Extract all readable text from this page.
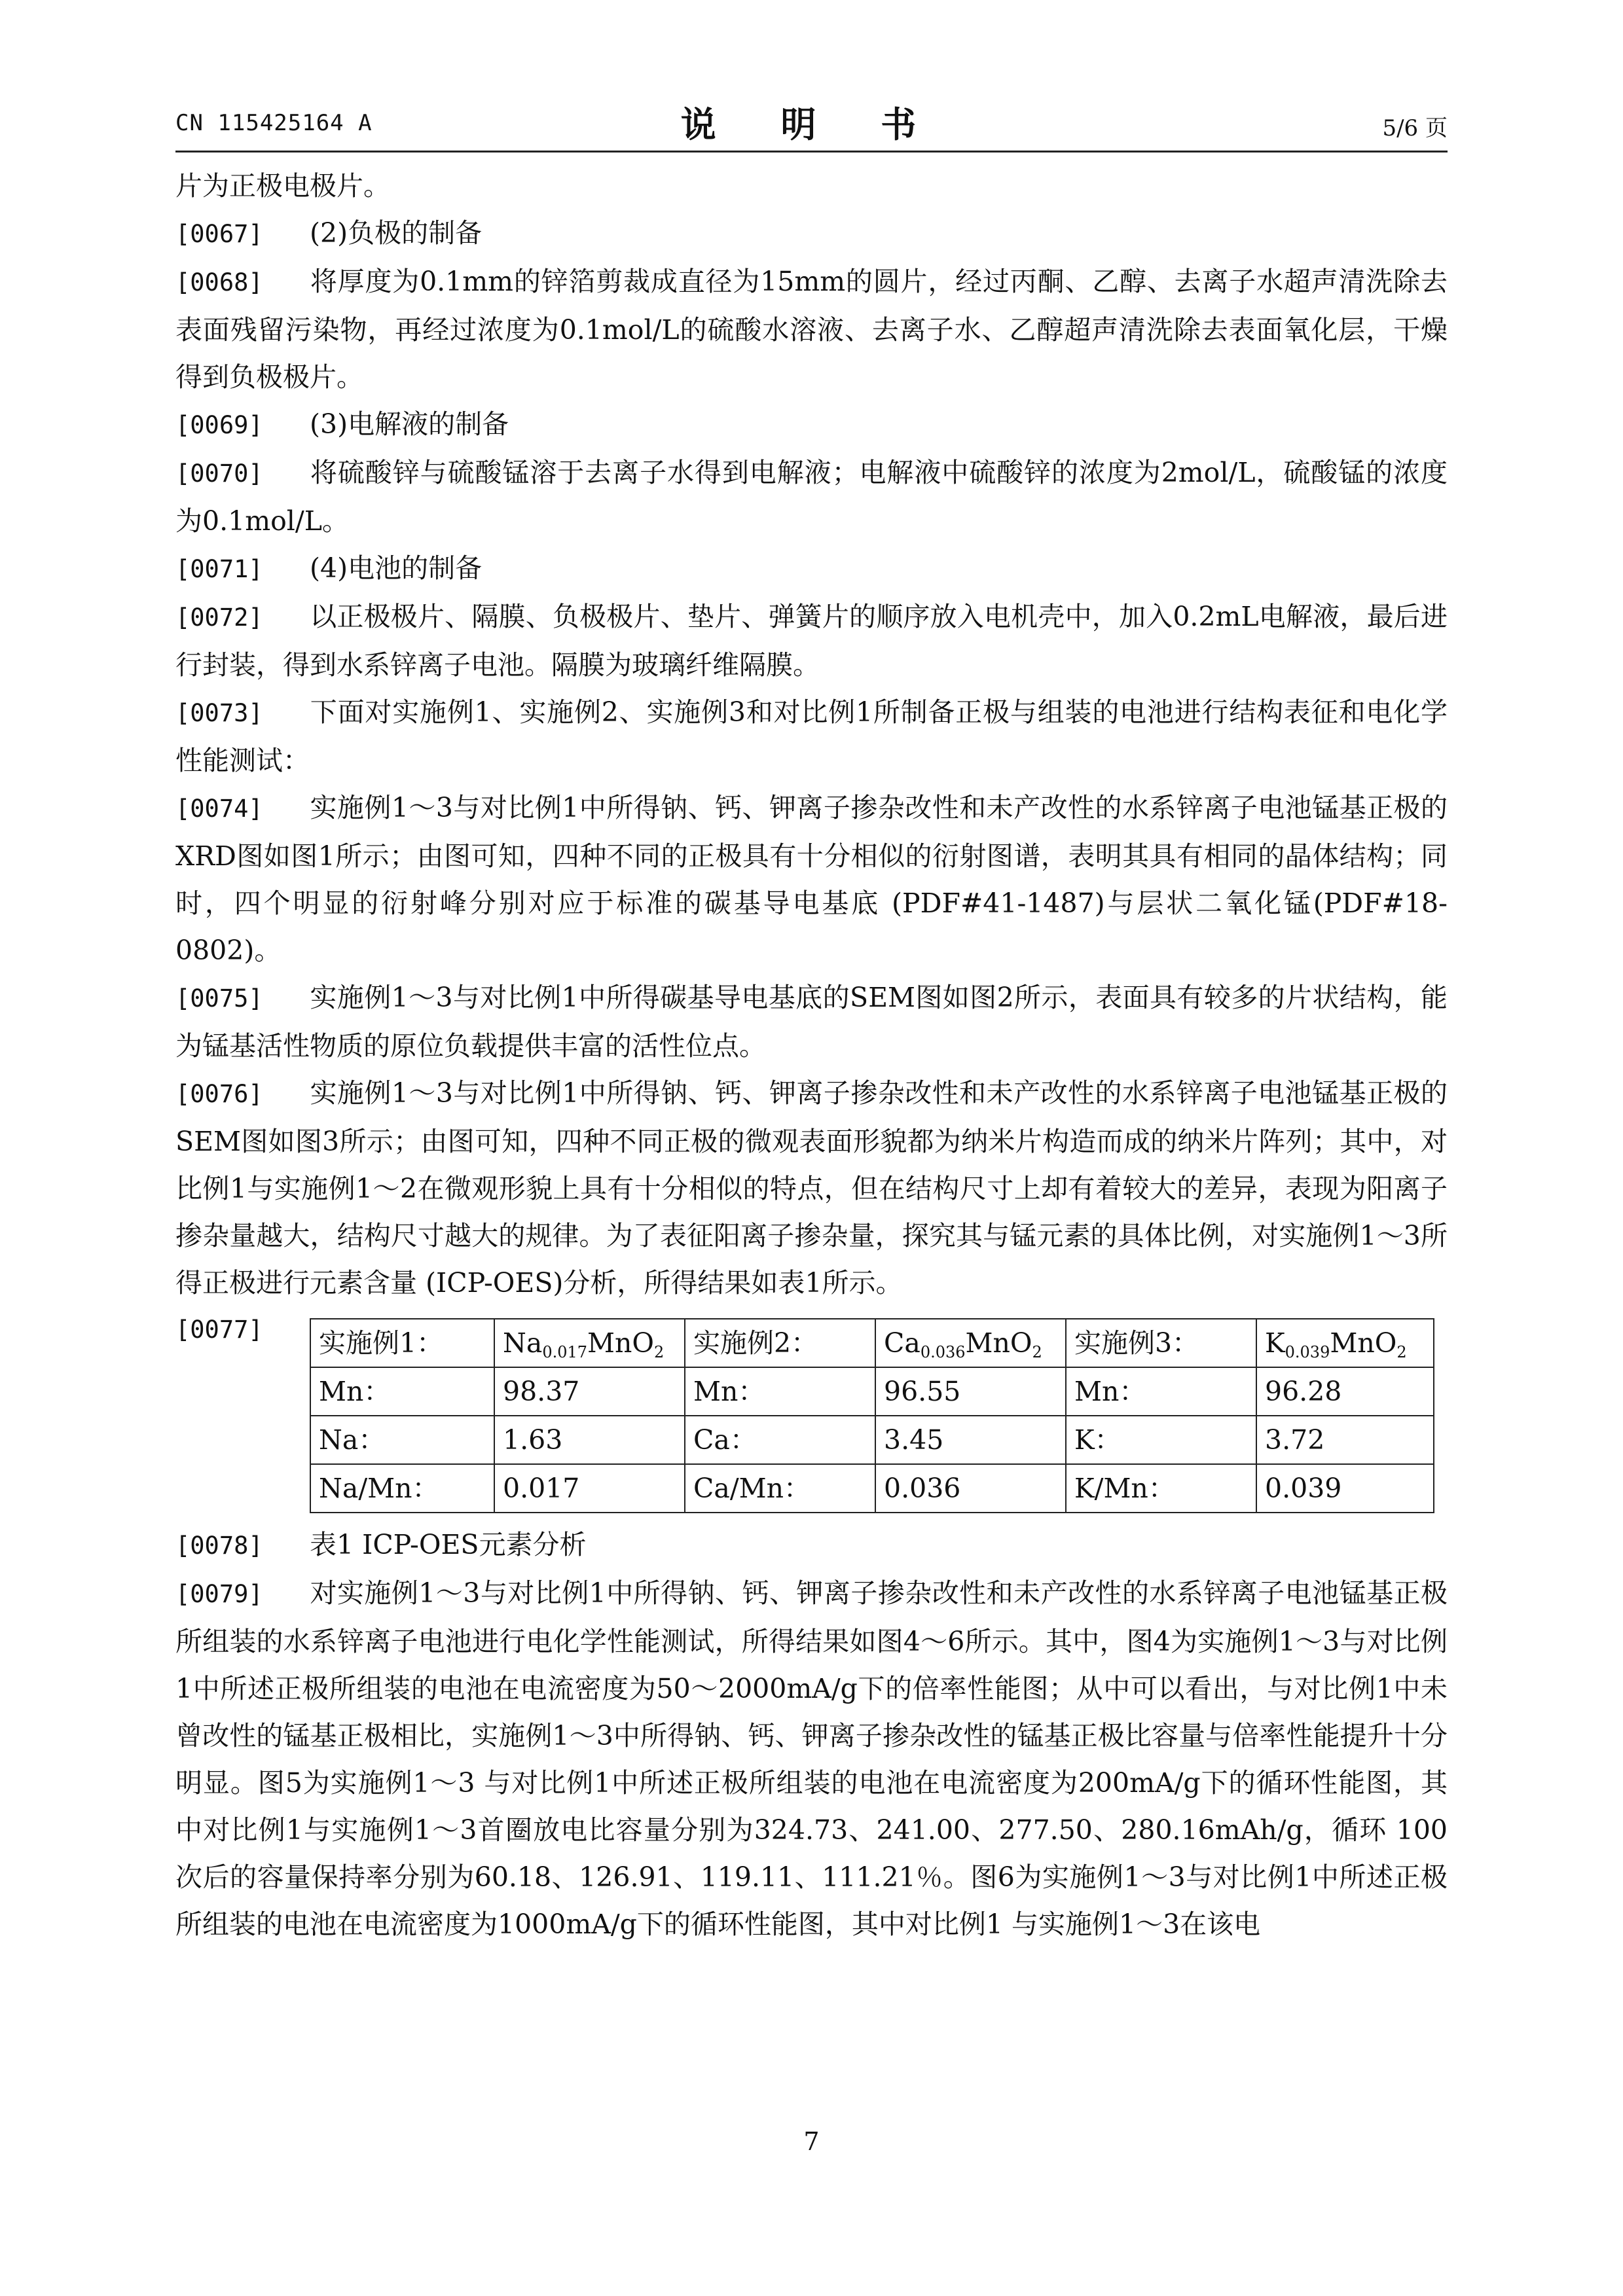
CN 115425164 A	说 明 书	5/6 页

片为正极电极片。

[0067] (2)负极的制备

[0068] 将厚度为0.1mm的锌箔剪裁成直径为15mm的圆片，经过丙酮、乙醇、去离子水超声清洗除去表面残留污染物，再经过浓度为0.1mol/L的硫酸水溶液、去离子水、乙醇超声清洗除去表面氧化层，干燥得到负极极片。

[0069] (3)电解液的制备

[0070] 将硫酸锌与硫酸锰溶于去离子水得到电解液；电解液中硫酸锌的浓度为2mol/L，硫酸锰的浓度为0.1mol/L。

[0071] (4)电池的制备

[0072] 以正极极片、隔膜、负极极片、垫片、弹簧片的顺序放入电机壳中，加入0.2mL电解液，最后进行封装，得到水系锌离子电池。隔膜为玻璃纤维隔膜。

[0073] 下面对实施例1、实施例2、实施例3和对比例1所制备正极与组装的电池进行结构表征和电化学性能测试：

[0074] 实施例1～3与对比例1中所得钠、钙、钾离子掺杂改性和未产改性的水系锌离子电池锰基正极的XRD图如图1所示；由图可知，四种不同的正极具有十分相似的衍射图谱，表明其具有相同的晶体结构；同时，四个明显的衍射峰分别对应于标准的碳基导电基底 (PDF#41-1487)与层状二氧化锰(PDF#18-0802)。

[0075] 实施例1～3与对比例1中所得碳基导电基底的SEM图如图2所示，表面具有较多的片状结构，能为锰基活性物质的原位负载提供丰富的活性位点。

[0076] 实施例1～3与对比例1中所得钠、钙、钾离子掺杂改性和未产改性的水系锌离子电池锰基正极的SEM图如图3所示；由图可知，四种不同正极的微观表面形貌都为纳米片构造而成的纳米片阵列；其中，对比例1与实施例1～2在微观形貌上具有十分相似的特点，但在结构尺寸上却有着较大的差异，表现为阳离子掺杂量越大，结构尺寸越大的规律。为了表征阳离子掺杂量，探究其与锰元素的具体比例，对实施例1～3所得正极进行元素含量 (ICP-OES)分析，所得结果如表1所示。

[0077] 实施例1：	$Na_{0.017}MnO_2$	实施例2：	$Ca_{0.036}MnO_2$	实施例3：	$K_{0.039}MnO_2$
Mn：	98.37	Mn：	96.55	Mn：	96.28
Na：	1.63	Ca：	3.45	K：	3.72
Na/Mn：	0.017	Ca/Mn：	0.036	K/Mn：	0.039

[0078] 表1 ICP-OES元素分析

[0079] 对实施例1～3与对比例1中所得钠、钙、钾离子掺杂改性和未产改性的水系锌离子电池锰基正极所组装的水系锌离子电池进行电化学性能测试，所得结果如图4～6所示。其中，图4为实施例1～3与对比例1中所述正极所组装的电池在电流密度为50～2000mA/g下的倍率性能图；从中可以看出，与对比例1中未曾改性的锰基正极相比，实施例1～3中所得钠、钙、钾离子掺杂改性的锰基正极比容量与倍率性能提升十分明显。图5为实施例1～3 与对比例1中所述正极所组装的电池在电流密度为200mA/g下的循环性能图，其中对比例1与实施例1～3首圈放电比容量分别为324.73、241.00、277.50、280.16mAh/g，循环 100次后的容量保持率分别为60.18、126.91、119.11、111.21％。图6为实施例1～3与对比例1中所述正极所组装的电池在电流密度为1000mA/g下的循环性能图，其中对比例1 与实施例1～3在该电

7
